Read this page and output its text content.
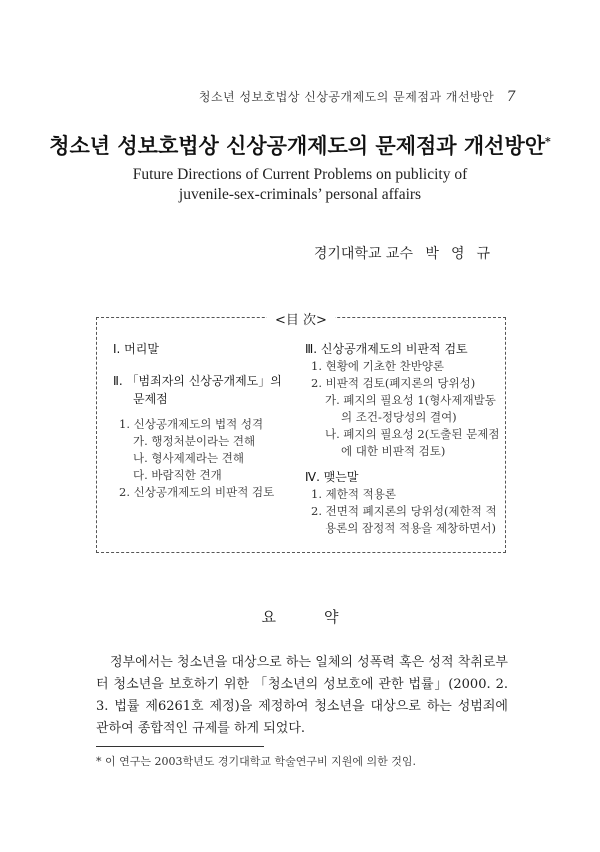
청소년 성보호법상 신상공개제도의 문제점과 개선방안 7
청소년 성보호법상 신상공개제도의 문제점과 개선방안*
Future Directions of Current Problems on publicity of
juvenile-sex-criminals’ personal affairs
경기대학교 교수 박영규
<目 次>
Ⅰ. 머리말
Ⅱ. 「범죄자의 신상공개제도」의
문제점
1. 신상공개제도의 법적 성격
가. 행정처분이라는 견해
나. 형사제제라는 견해
다. 바람직한 견개
2. 신상공개제도의 비판적 검토
Ⅲ. 신상공개제도의 비판적 검토
1. 현황에 기초한 찬반양론
2. 비판적 검토(폐지론의 당위성)
가. 폐지의 필요성 1(형사제재발동
의 조건-정당성의 결여)
나. 폐지의 필요성 2(도출된 문제점
에 대한 비판적 검토)
Ⅳ. 맺는말
1. 제한적 적용론
2. 전면적 폐지론의 당위성(제한적 적
용론의 잠정적 적용을 제창하면서)
요	약

정부에서는 청소년을 대상으로 하는 일체의 성폭력 혹은 성적 착취로부터 청소년을 보호하기 위한 「청소년의 성보호에 관한 법률」(2000. 2. 3. 법률 제6261호 제정)을 제정하여 청소년을 대상으로 하는 성범죄에 관하여 종합적인 규제를 하게 되었다.

* 이 연구는 2003학년도 경기대학교 학술연구비 지원에 의한 것임.
